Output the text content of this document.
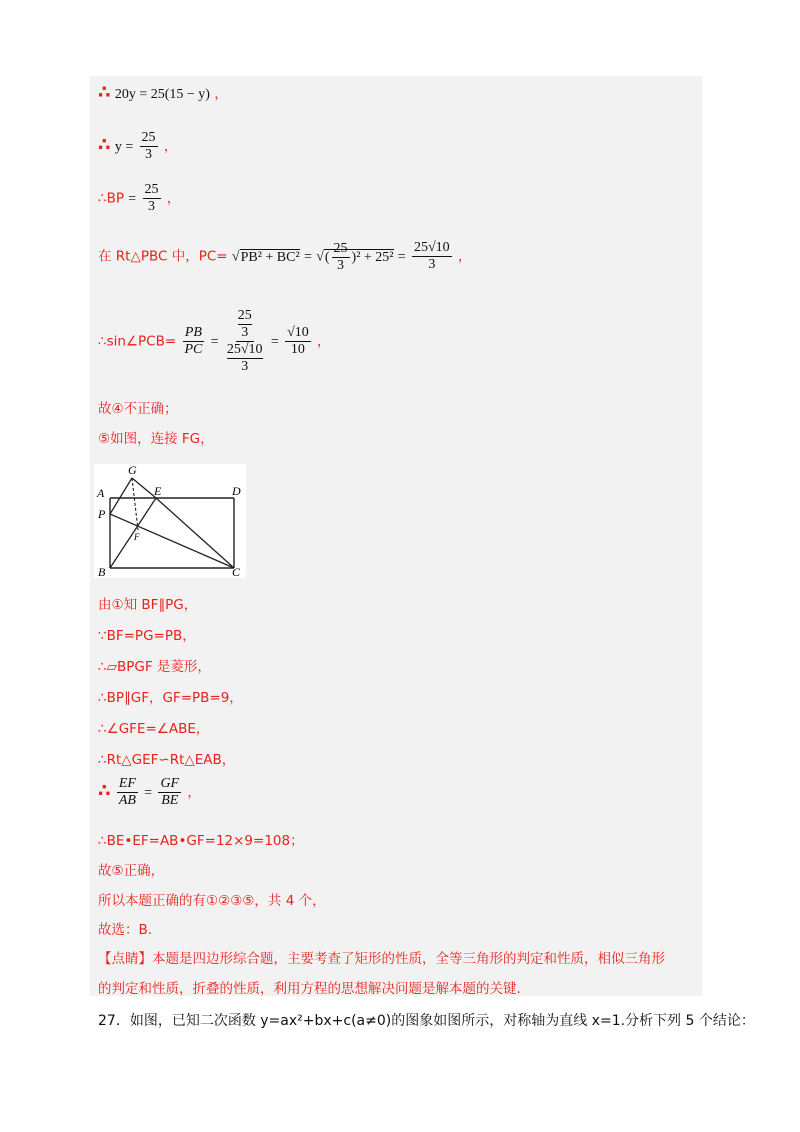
∴ 20y = 25(15 − y) ，
∴ $y = \frac{25}{3}$ ，
∴BP = $\frac{25}{3}$ ，
在 Rt△PBC 中，PC= √PB² + BC² = √( $\frac{25}{3} )^2 + 25^2 = \frac{25√10}{3}$ ，
∴sin∠PCB= $\frac{PB}{PC} = 25$
3
25√10
$3 = \frac{√10}{10}$ ，
故④不正确；
⑤如图，连接 FG，
G
A	E	D
P
F
B	C
由①知 BF∥PG，
∵BF=PG=PB，
∴▱BPGF 是菱形，
∴BP∥GF，GF=PB=9，
∴∠GFE=∠ABE，
∴Rt△GEF∽Rt△EAB，
∴ $\frac{EF}{AB} = \frac{GF}{BE}$ ，
∴BE•EF=AB•GF=12×9=108；
故⑤正确，
所以本题正确的有①②③⑤，共 4 个，
故选：B.
【点睛】本题是四边形综合题，主要考查了矩形的性质，全等三角形的判定和性质，相似三角形
的判定和性质，折叠的性质，利用方程的思想解决问题是解本题的关键.
27．如图，已知二次函数 y=ax²+bx+c(a≠0)的图象如图所示，对称轴为直线 x=1.分析下列 5 个结论：
